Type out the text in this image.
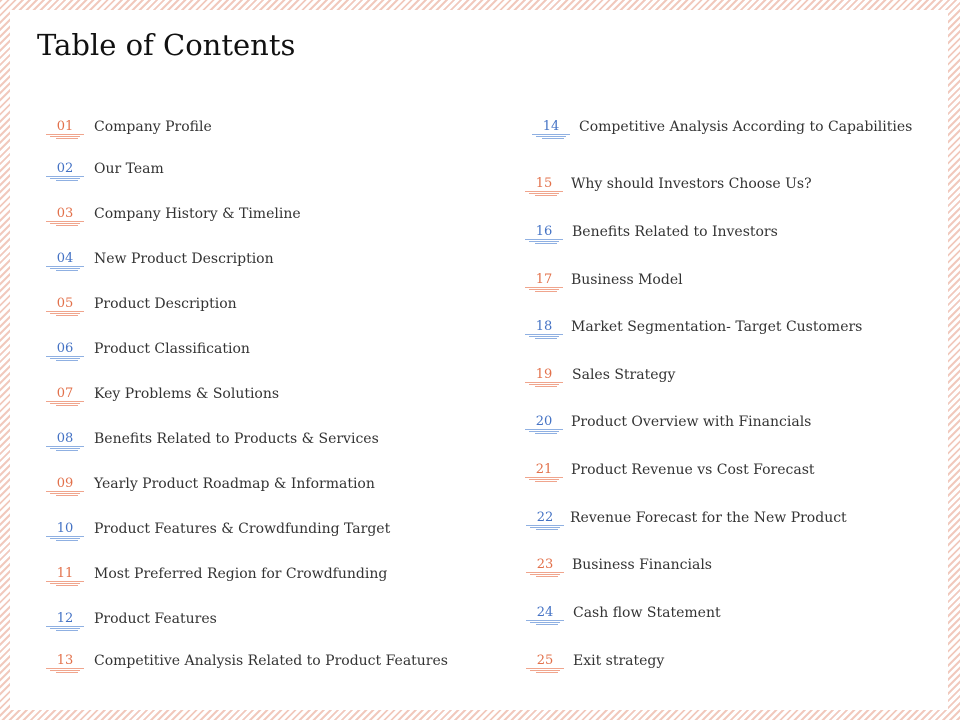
Table of Contents
01	Company Profile
02	Our Team
03	Company History & Timeline
04	New Product Description
05	Product Description
06	Product Classification
07	Key Problems & Solutions
08	Benefits Related to Products & Services
09	Yearly Product Roadmap & Information
10	Product Features & Crowdfunding Target
11	Most Preferred Region for Crowdfunding
12	Product Features
13	Competitive Analysis Related to Product Features
14	Competitive Analysis According to Capabilities
15	Why should Investors Choose Us?
16	Benefits Related to Investors
17	Business Model
18	Market Segmentation- Target Customers
19	Sales Strategy
20	Product Overview with Financials
21	Product Revenue vs Cost Forecast
22	Revenue Forecast for the New Product
23	Business Financials
24	Cash flow Statement
25	Exit strategy
